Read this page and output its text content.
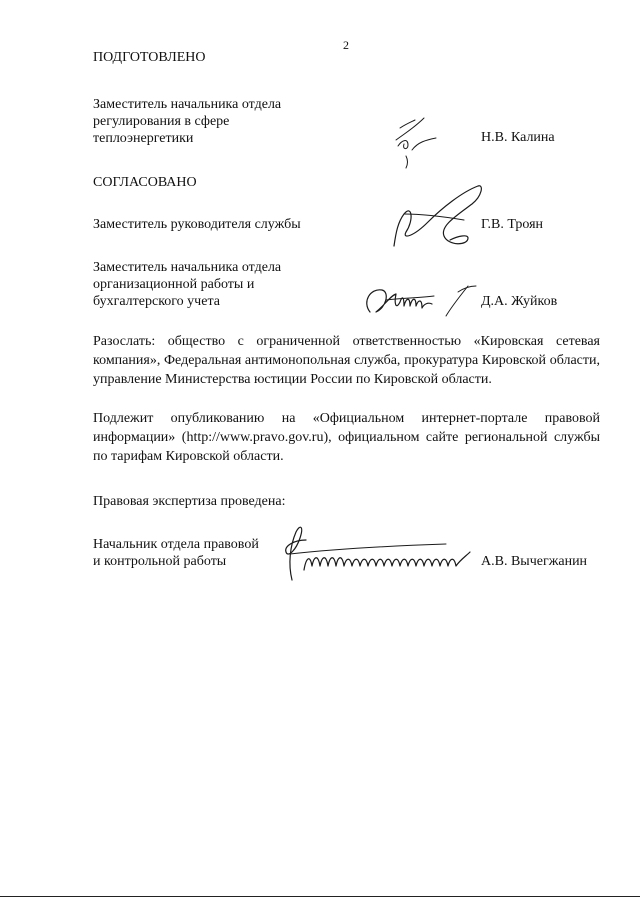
2
ПОДГОТОВЛЕНО
Заместитель начальника отдела
регулирования в сфере
теплоэнергетики	Н.В. Калина
СОГЛАСОВАНО
Заместитель руководителя службы	Г.В. Троян
Заместитель начальника отдела
организационной работы и
бухгалтерского учета	Д.А. Жуйков
Разослать: общество с ограниченной ответственностью «Кировская сетевая компания», Федеральная антимонопольная служба, прокуратура Кировской области, управление Министерства юстиции России по Кировской области.
Подлежит опубликованию на «Официальном интернет-портале правовой информации» (http://www.pravo.gov.ru), официальном сайте региональной службы по тарифам Кировской области.
Правовая экспертиза проведена:
Начальник отдела правовой
и контрольной работы	А.В. Вычегжанин
